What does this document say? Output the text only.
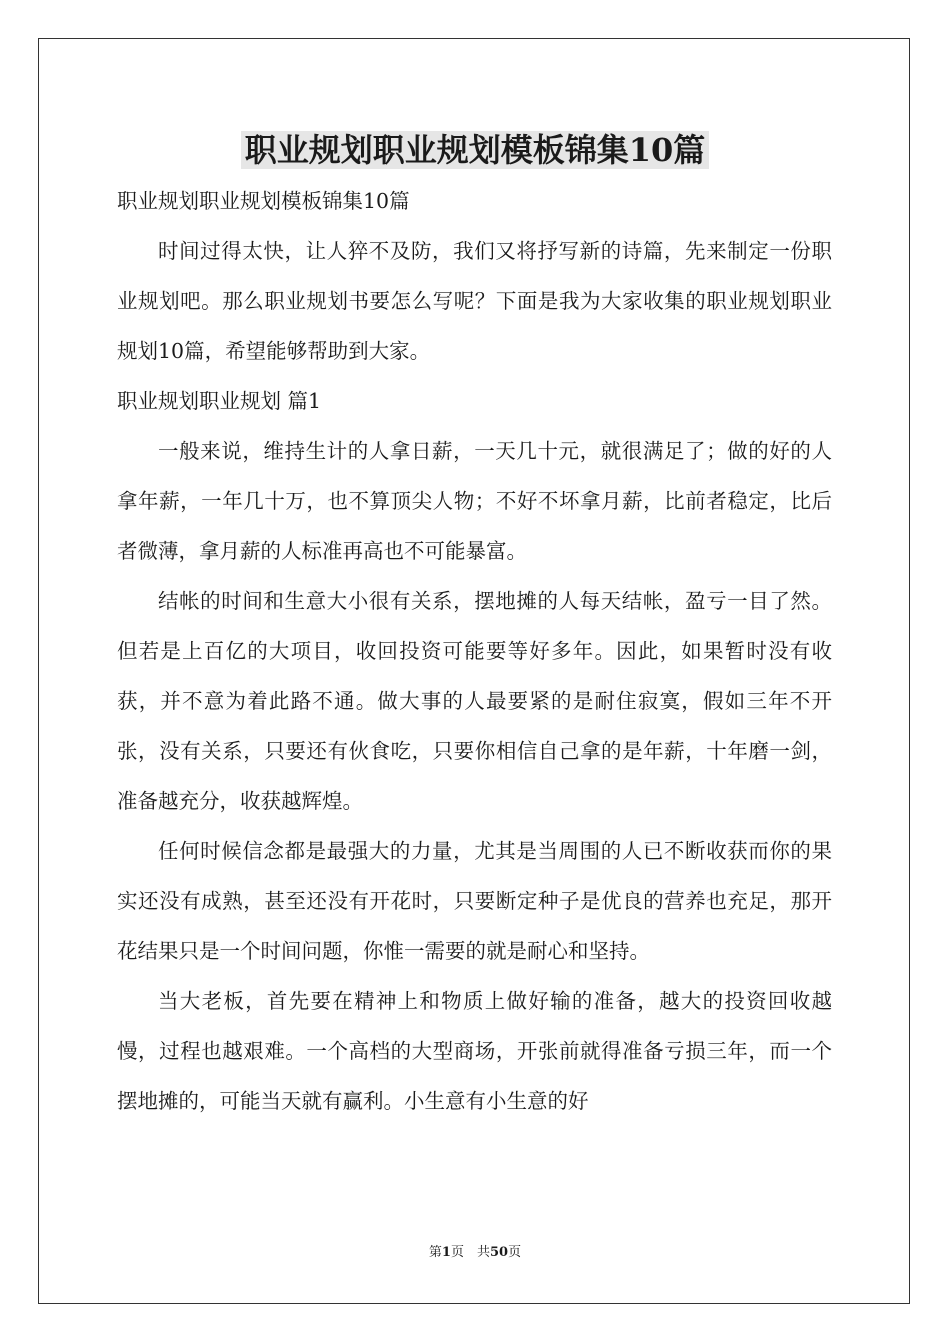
职业规划职业规划模板锦集10篇

职业规划职业规划模板锦集10篇

时间过得太快，让人猝不及防，我们又将抒写新的诗篇，先来制定一份职业规划吧。那么职业规划书要怎么写呢？下面是我为大家收集的职业规划职业规划10篇，希望能够帮助到大家。

职业规划职业规划 篇1

一般来说，维持生计的人拿日薪，一天几十元，就很满足了；做的好的人拿年薪，一年几十万，也不算顶尖人物；不好不坏拿月薪，比前者稳定，比后者微薄，拿月薪的人标准再高也不可能暴富。

结帐的时间和生意大小很有关系，摆地摊的人每天结帐，盈亏一目了然。但若是上百亿的大项目，收回投资可能要等好多年。因此，如果暂时没有收获，并不意为着此路不通。做大事的人最要紧的是耐住寂寞，假如三年不开张，没有关系，只要还有伙食吃，只要你相信自己拿的是年薪，十年磨一剑，准备越充分，收获越辉煌。

任何时候信念都是最强大的力量，尤其是当周围的人已不断收获而你的果实还没有成熟，甚至还没有开花时，只要断定种子是优良的营养也充足，那开花结果只是一个时间问题，你惟一需要的就是耐心和坚持。

当大老板，首先要在精神上和物质上做好输的准备，越大的投资回收越慢，过程也越艰难。一个高档的大型商场，开张前就得准备亏损三年，而一个摆地摊的，可能当天就有赢利。小生意有小生意的好

第1页　共50页
